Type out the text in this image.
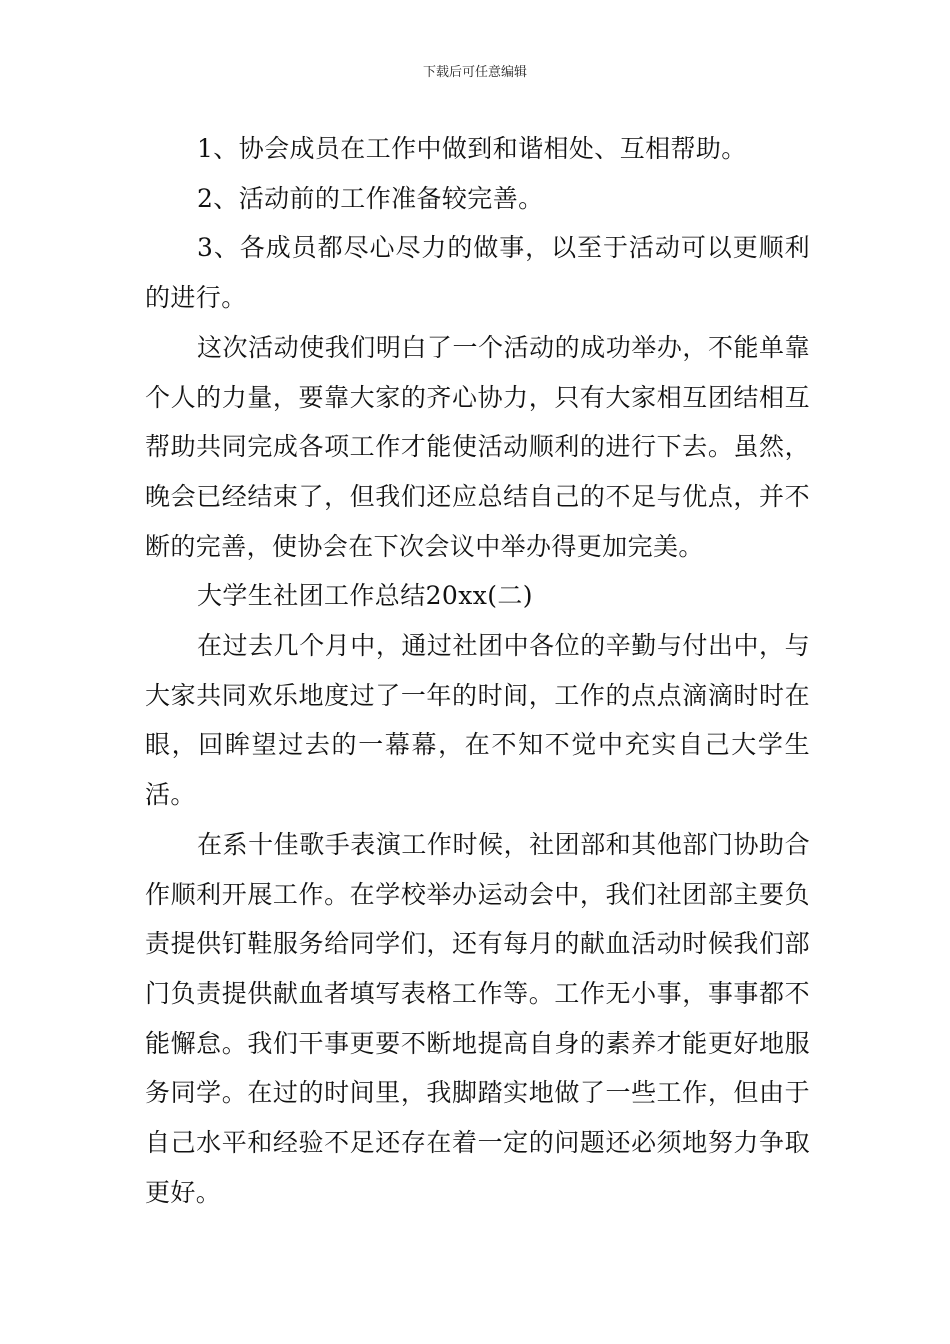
下载后可任意编辑

1、协会成员在工作中做到和谐相处、互相帮助。

2、活动前的工作准备较完善。

3、各成员都尽心尽力的做事，以至于活动可以更顺利的进行。

这次活动使我们明白了一个活动的成功举办，不能单靠个人的力量，要靠大家的齐心协力，只有大家相互团结相互帮助共同完成各项工作才能使活动顺利的进行下去。虽然，晚会已经结束了，但我们还应总结自己的不足与优点，并不断的完善，使协会在下次会议中举办得更加完美。

大学生社团工作总结20xx(二)

在过去几个月中，通过社团中各位的辛勤与付出中，与大家共同欢乐地度过了一年的时间，工作的点点滴滴时时在眼，回眸望过去的一幕幕，在不知不觉中充实自己大学生活。

在系十佳歌手表演工作时候，社团部和其他部门协助合作顺利开展工作。在学校举办运动会中，我们社团部主要负责提供钉鞋服务给同学们，还有每月的献血活动时候我们部门负责提供献血者填写表格工作等。工作无小事，事事都不能懈怠。我们干事更要不断地提高自身的素养才能更好地服务同学。在过的时间里，我脚踏实地做了一些工作，但由于自己水平和经验不足还存在着一定的问题还必须地努力争取更好。
